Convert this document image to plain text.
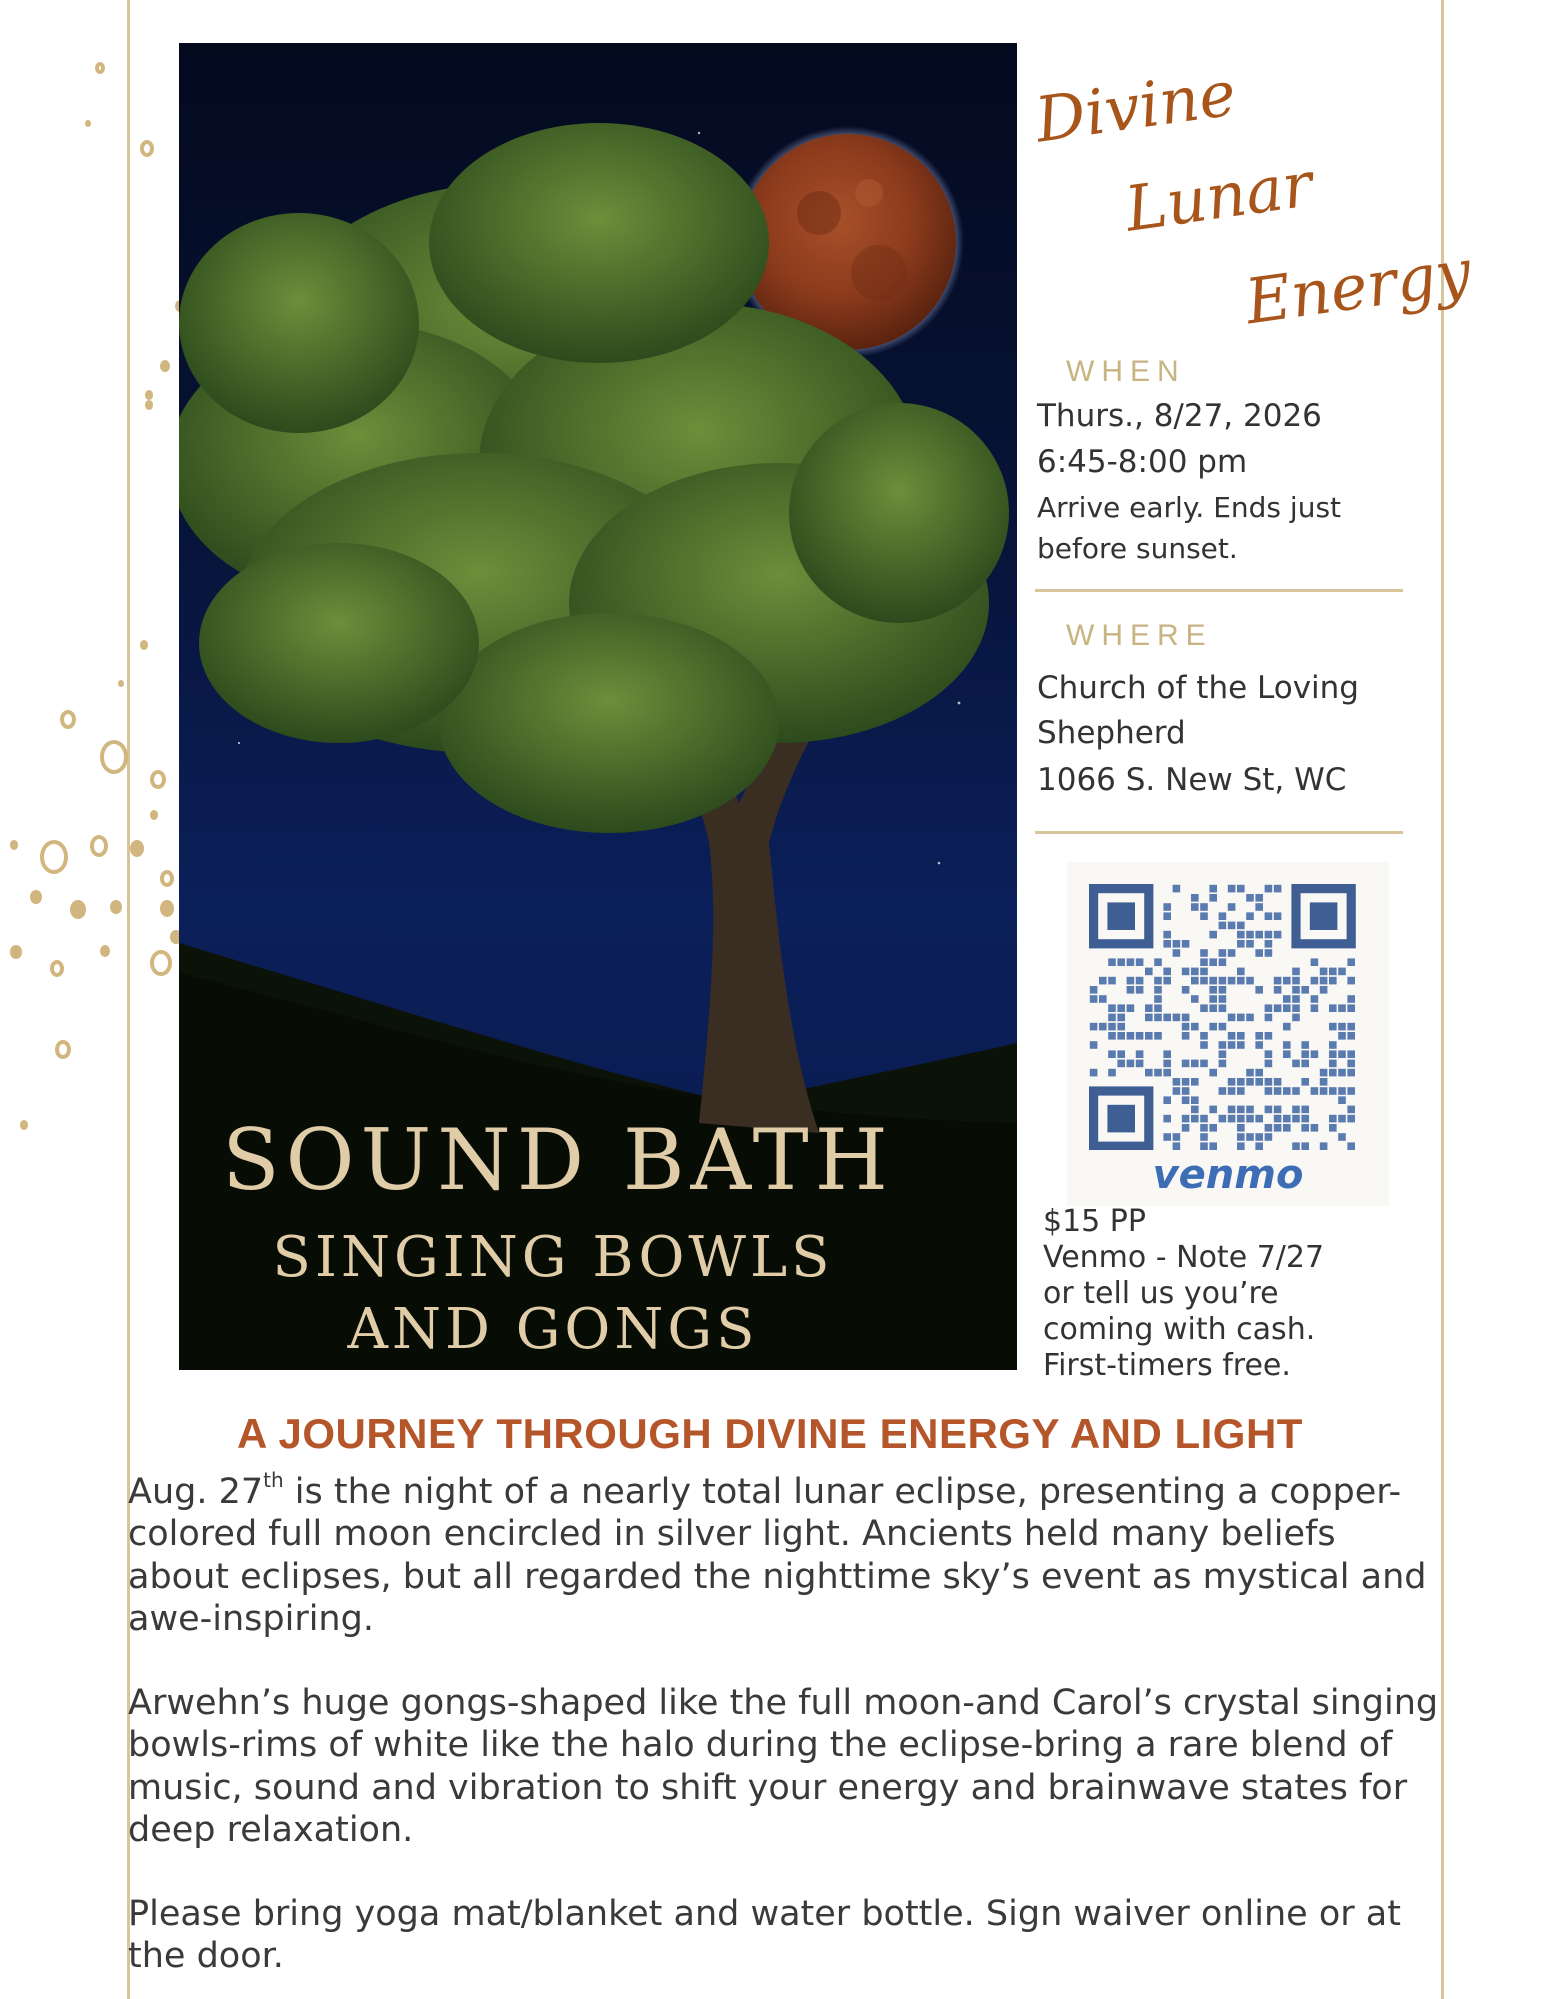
SOUND BATH
SINGING BOWLS
AND GONGS
Divine
Lunar
Energy
WHEN
Thurs., 8/27, 2026
6:45-8:00 pm
Arrive early. Ends just before sunset.
WHERE
Church of the Loving Shepherd
1066 S. New St, WC
venmo
$15 PP
Venmo - Note 7/27
or tell us you’re
coming with cash.
First-timers free.
A JOURNEY THROUGH DIVINE ENERGY AND LIGHT
Aug. 27th is the night of a nearly total lunar eclipse, presenting a copper-colored full moon encircled in silver light. Ancients held many beliefs about eclipses, but all regarded the nighttime sky’s event as mystical and awe-inspiring.
Arwehn’s huge gongs-shaped like the full moon-and Carol’s crystal singing bowls-rims of white like the halo during the eclipse-bring a rare blend of music, sound and vibration to shift your energy and brainwave states for deep relaxation.
Please bring yoga mat/blanket and water bottle. Sign waiver online or at the door.
